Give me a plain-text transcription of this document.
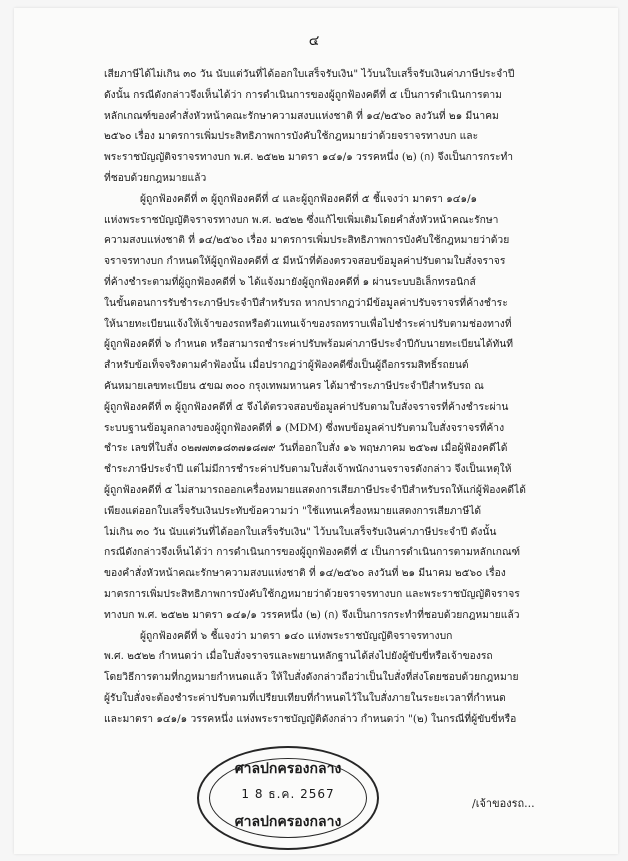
๔
เสียภาษีได้ไม่เกิน ๓๐ วัน นับแต่วันที่ได้ออกใบเสร็จรับเงิน" ไว้บนใบเสร็จรับเงินค่าภาษีประจำปี
ดังนั้น กรณีดังกล่าวจึงเห็นได้ว่า การดำเนินการของผู้ถูกฟ้องคดีที่ ๕ เป็นการดำเนินการตาม
หลักเกณฑ์ของคำสั่งหัวหน้าคณะรักษาความสงบแห่งชาติ ที่ ๑๔/๒๕๖๐ ลงวันที่ ๒๑ มีนาคม
๒๕๖๐ เรื่อง มาตรการเพิ่มประสิทธิภาพการบังคับใช้กฎหมายว่าด้วยจราจรทางบก และ
พระราชบัญญัติจราจรทางบก พ.ศ. ๒๕๒๒ มาตรา ๑๔๑/๑ วรรคหนึ่ง (๒) (ก) จึงเป็นการกระทำ
ที่ชอบด้วยกฎหมายแล้ว
ผู้ถูกฟ้องคดีที่ ๓ ผู้ถูกฟ้องคดีที่ ๔ และผู้ถูกฟ้องคดีที่ ๕ ชี้แจงว่า มาตรา ๑๔๑/๑
แห่งพระราชบัญญัติจราจรทางบก พ.ศ. ๒๕๒๒ ซึ่งแก้ไขเพิ่มเติมโดยคำสั่งหัวหน้าคณะรักษา
ความสงบแห่งชาติ ที่ ๑๔/๒๕๖๐ เรื่อง มาตรการเพิ่มประสิทธิภาพการบังคับใช้กฎหมายว่าด้วย
จราจรทางบก กำหนดให้ผู้ถูกฟ้องคดีที่ ๕ มีหน้าที่ต้องตรวจสอบข้อมูลค่าปรับตามใบสั่งจราจร
ที่ค้างชำระตามที่ผู้ถูกฟ้องคดีที่ ๖ ได้แจ้งมายังผู้ถูกฟ้องคดีที่ ๑ ผ่านระบบอิเล็กทรอนิกส์
ในขั้นตอนการรับชำระภาษีประจำปีสำหรับรถ หากปรากฏว่ามีข้อมูลค่าปรับจราจรที่ค้างชำระ
ให้นายทะเบียนแจ้งให้เจ้าของรถหรือตัวแทนเจ้าของรถทราบเพื่อไปชำระค่าปรับตามช่องทางที่
ผู้ถูกฟ้องคดีที่ ๖ กำหนด หรือสามารถชำระค่าปรับพร้อมค่าภาษีประจำปีกับนายทะเบียนได้ทันที
สำหรับข้อเท็จจริงตามคำฟ้องนั้น เมื่อปรากฏว่าผู้ฟ้องคดีซึ่งเป็นผู้ถือกรรมสิทธิ์รถยนต์
คันหมายเลขทะเบียน ๕ขฌ ๓๐๐ กรุงเทพมหานคร ได้มาชำระภาษีประจำปีสำหรับรถ ณ
ผู้ถูกฟ้องคดีที่ ๓ ผู้ถูกฟ้องคดีที่ ๕ จึงได้ตรวจสอบข้อมูลค่าปรับตามใบสั่งจราจรที่ค้างชำระผ่าน
ระบบฐานข้อมูลกลางของผู้ถูกฟ้องคดีที่ ๑ (MDM) ซึ่งพบข้อมูลค่าปรับตามใบสั่งจราจรที่ค้าง
ชำระ เลขที่ใบสั่ง ๐๒๗๗๓๑๘๓๗๑๘๗๙ วันที่ออกใบสั่ง ๑๖ พฤษภาคม ๒๕๖๗ เมื่อผู้ฟ้องคดีได้
ชำระภาษีประจำปี แต่ไม่มีการชำระค่าปรับตามใบสั่งเจ้าพนักงานจราจรดังกล่าว จึงเป็นเหตุให้
ผู้ถูกฟ้องคดีที่ ๕ ไม่สามารถออกเครื่องหมายแสดงการเสียภาษีประจำปีสำหรับรถให้แก่ผู้ฟ้องคดีได้
เพียงแต่ออกใบเสร็จรับเงินประทับข้อความว่า "ใช้แทนเครื่องหมายแสดงการเสียภาษีได้
ไม่เกิน ๓๐ วัน นับแต่วันที่ได้ออกใบเสร็จรับเงิน" ไว้บนใบเสร็จรับเงินค่าภาษีประจำปี ดังนั้น
กรณีดังกล่าวจึงเห็นได้ว่า การดำเนินการของผู้ถูกฟ้องคดีที่ ๕ เป็นการดำเนินการตามหลักเกณฑ์
ของคำสั่งหัวหน้าคณะรักษาความสงบแห่งชาติ ที่ ๑๔/๒๕๖๐ ลงวันที่ ๒๑ มีนาคม ๒๕๖๐ เรื่อง
มาตรการเพิ่มประสิทธิภาพการบังคับใช้กฎหมายว่าด้วยจราจรทางบก และพระราชบัญญัติจราจร
ทางบก พ.ศ. ๒๕๒๒ มาตรา ๑๔๑/๑ วรรคหนึ่ง (๒) (ก) จึงเป็นการกระทำที่ชอบด้วยกฎหมายแล้ว
ผู้ถูกฟ้องคดีที่ ๖ ชี้แจงว่า มาตรา ๑๔๐ แห่งพระราชบัญญัติจราจรทางบก
พ.ศ. ๒๕๒๒ กำหนดว่า เมื่อใบสั่งจราจรและพยานหลักฐานได้ส่งไปยังผู้ขับขี่หรือเจ้าของรถ
โดยวิธีการตามที่กฎหมายกำหนดแล้ว ให้ใบสั่งดังกล่าวถือว่าเป็นใบสั่งที่ส่งโดยชอบด้วยกฎหมาย
ผู้รับใบสั่งจะต้องชำระค่าปรับตามที่เปรียบเทียบที่กำหนดไว้ในใบสั่งภายในระยะเวลาที่กำหนด
และมาตรา ๑๔๑/๑ วรรคหนึ่ง แห่งพระราชบัญญัติดังกล่าว กำหนดว่า "(๒) ในกรณีที่ผู้ขับขี่หรือ
ศาลปกครองกลาง
1 8 ธ.ค. 2567
ศาลปกครองกลาง
/เจ้าของรถ...
